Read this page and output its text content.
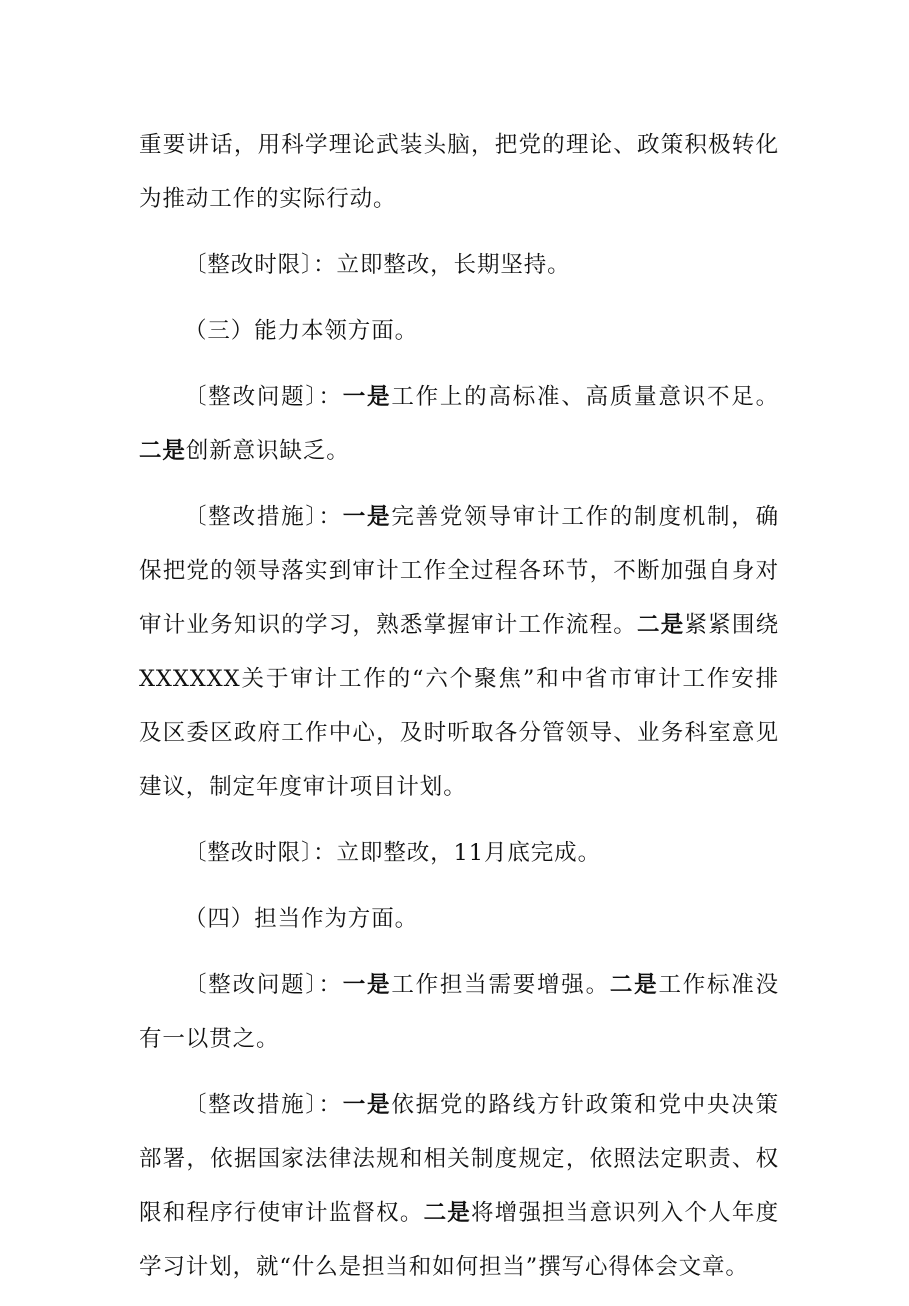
重要讲话，用科学理论武装头脑，把党的理论、政策积极转化为推动工作的实际行动。

〔整改时限〕：立即整改，长期坚持。

（三）能力本领方面。

〔整改问题〕：一是工作上的高标准、高质量意识不足。二是创新意识缺乏。

〔整改措施〕：一是完善党领导审计工作的制度机制，确保把党的领导落实到审计工作全过程各环节，不断加强自身对审计业务知识的学习，熟悉掌握审计工作流程。二是紧紧围绕XXXXXX关于审计工作的“六个聚焦”和中省市审计工作安排及区委区政府工作中心，及时听取各分管领导、业务科室意见建议，制定年度审计项目计划。

〔整改时限〕：立即整改，11月底完成。

（四）担当作为方面。

〔整改问题〕：一是工作担当需要增强。二是工作标准没有一以贯之。

〔整改措施〕：一是依据党的路线方针政策和党中央决策部署，依据国家法律法规和相关制度规定，依照法定职责、权限和程序行使审计监督权。二是将增强担当意识列入个人年度学习计划，就“什么是担当和如何担当”撰写心得体会文章。
